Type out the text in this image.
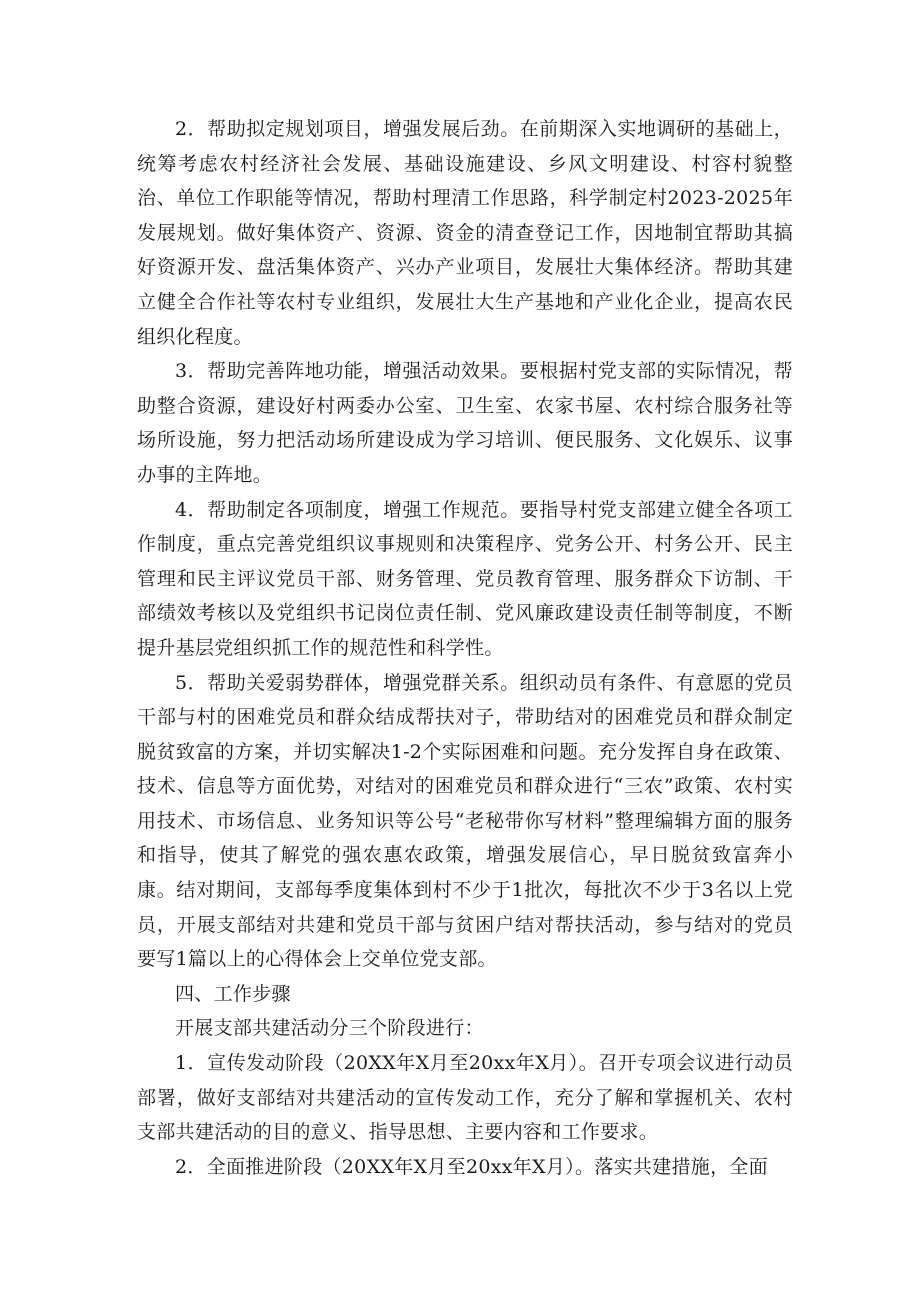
2．帮助拟定规划项目，增强发展后劲。在前期深入实地调研的基础上，统筹考虑农村经济社会发展、基础设施建设、乡风文明建设、村容村貌整治、单位工作职能等情况，帮助村理清工作思路，科学制定村2023-2025年发展规划。做好集体资产、资源、资金的清查登记工作，因地制宜帮助其搞好资源开发、盘活集体资产、兴办产业项目，发展壮大集体经济。帮助其建立健全合作社等农村专业组织，发展壮大生产基地和产业化企业，提高农民组织化程度。

3．帮助完善阵地功能，增强活动效果。要根据村党支部的实际情况，帮助整合资源，建设好村两委办公室、卫生室、农家书屋、农村综合服务社等场所设施，努力把活动场所建设成为学习培训、便民服务、文化娱乐、议事办事的主阵地。

4．帮助制定各项制度，增强工作规范。要指导村党支部建立健全各项工作制度，重点完善党组织议事规则和决策程序、党务公开、村务公开、民主管理和民主评议党员干部、财务管理、党员教育管理、服务群众下访制、干部绩效考核以及党组织书记岗位责任制、党风廉政建设责任制等制度，不断提升基层党组织抓工作的规范性和科学性。

5．帮助关爱弱势群体，增强党群关系。组织动员有条件、有意愿的党员干部与村的困难党员和群众结成帮扶对子，带助结对的困难党员和群众制定脱贫致富的方案，并切实解决1-2个实际困难和问题。充分发挥自身在政策、技术、信息等方面优势，对结对的困难党员和群众进行“三农”政策、农村实用技术、市场信息、业务知识等公号“老秘带你写材料”整理编辑方面的服务和指导，使其了解党的强农惠农政策，增强发展信心，早日脱贫致富奔小康。结对期间，支部每季度集体到村不少于1批次，每批次不少于3名以上党员，开展支部结对共建和党员干部与贫困户结对帮扶活动，参与结对的党员要写1篇以上的心得体会上交单位党支部。

四、工作步骤

开展支部共建活动分三个阶段进行：

1．宣传发动阶段（20XX年X月至20xx年X月）。召开专项会议进行动员部署，做好支部结对共建活动的宣传发动工作，充分了解和掌握机关、农村支部共建活动的目的意义、指导思想、主要内容和工作要求。

2．全面推进阶段（20XX年X月至20xx年X月）。落实共建措施，全面
